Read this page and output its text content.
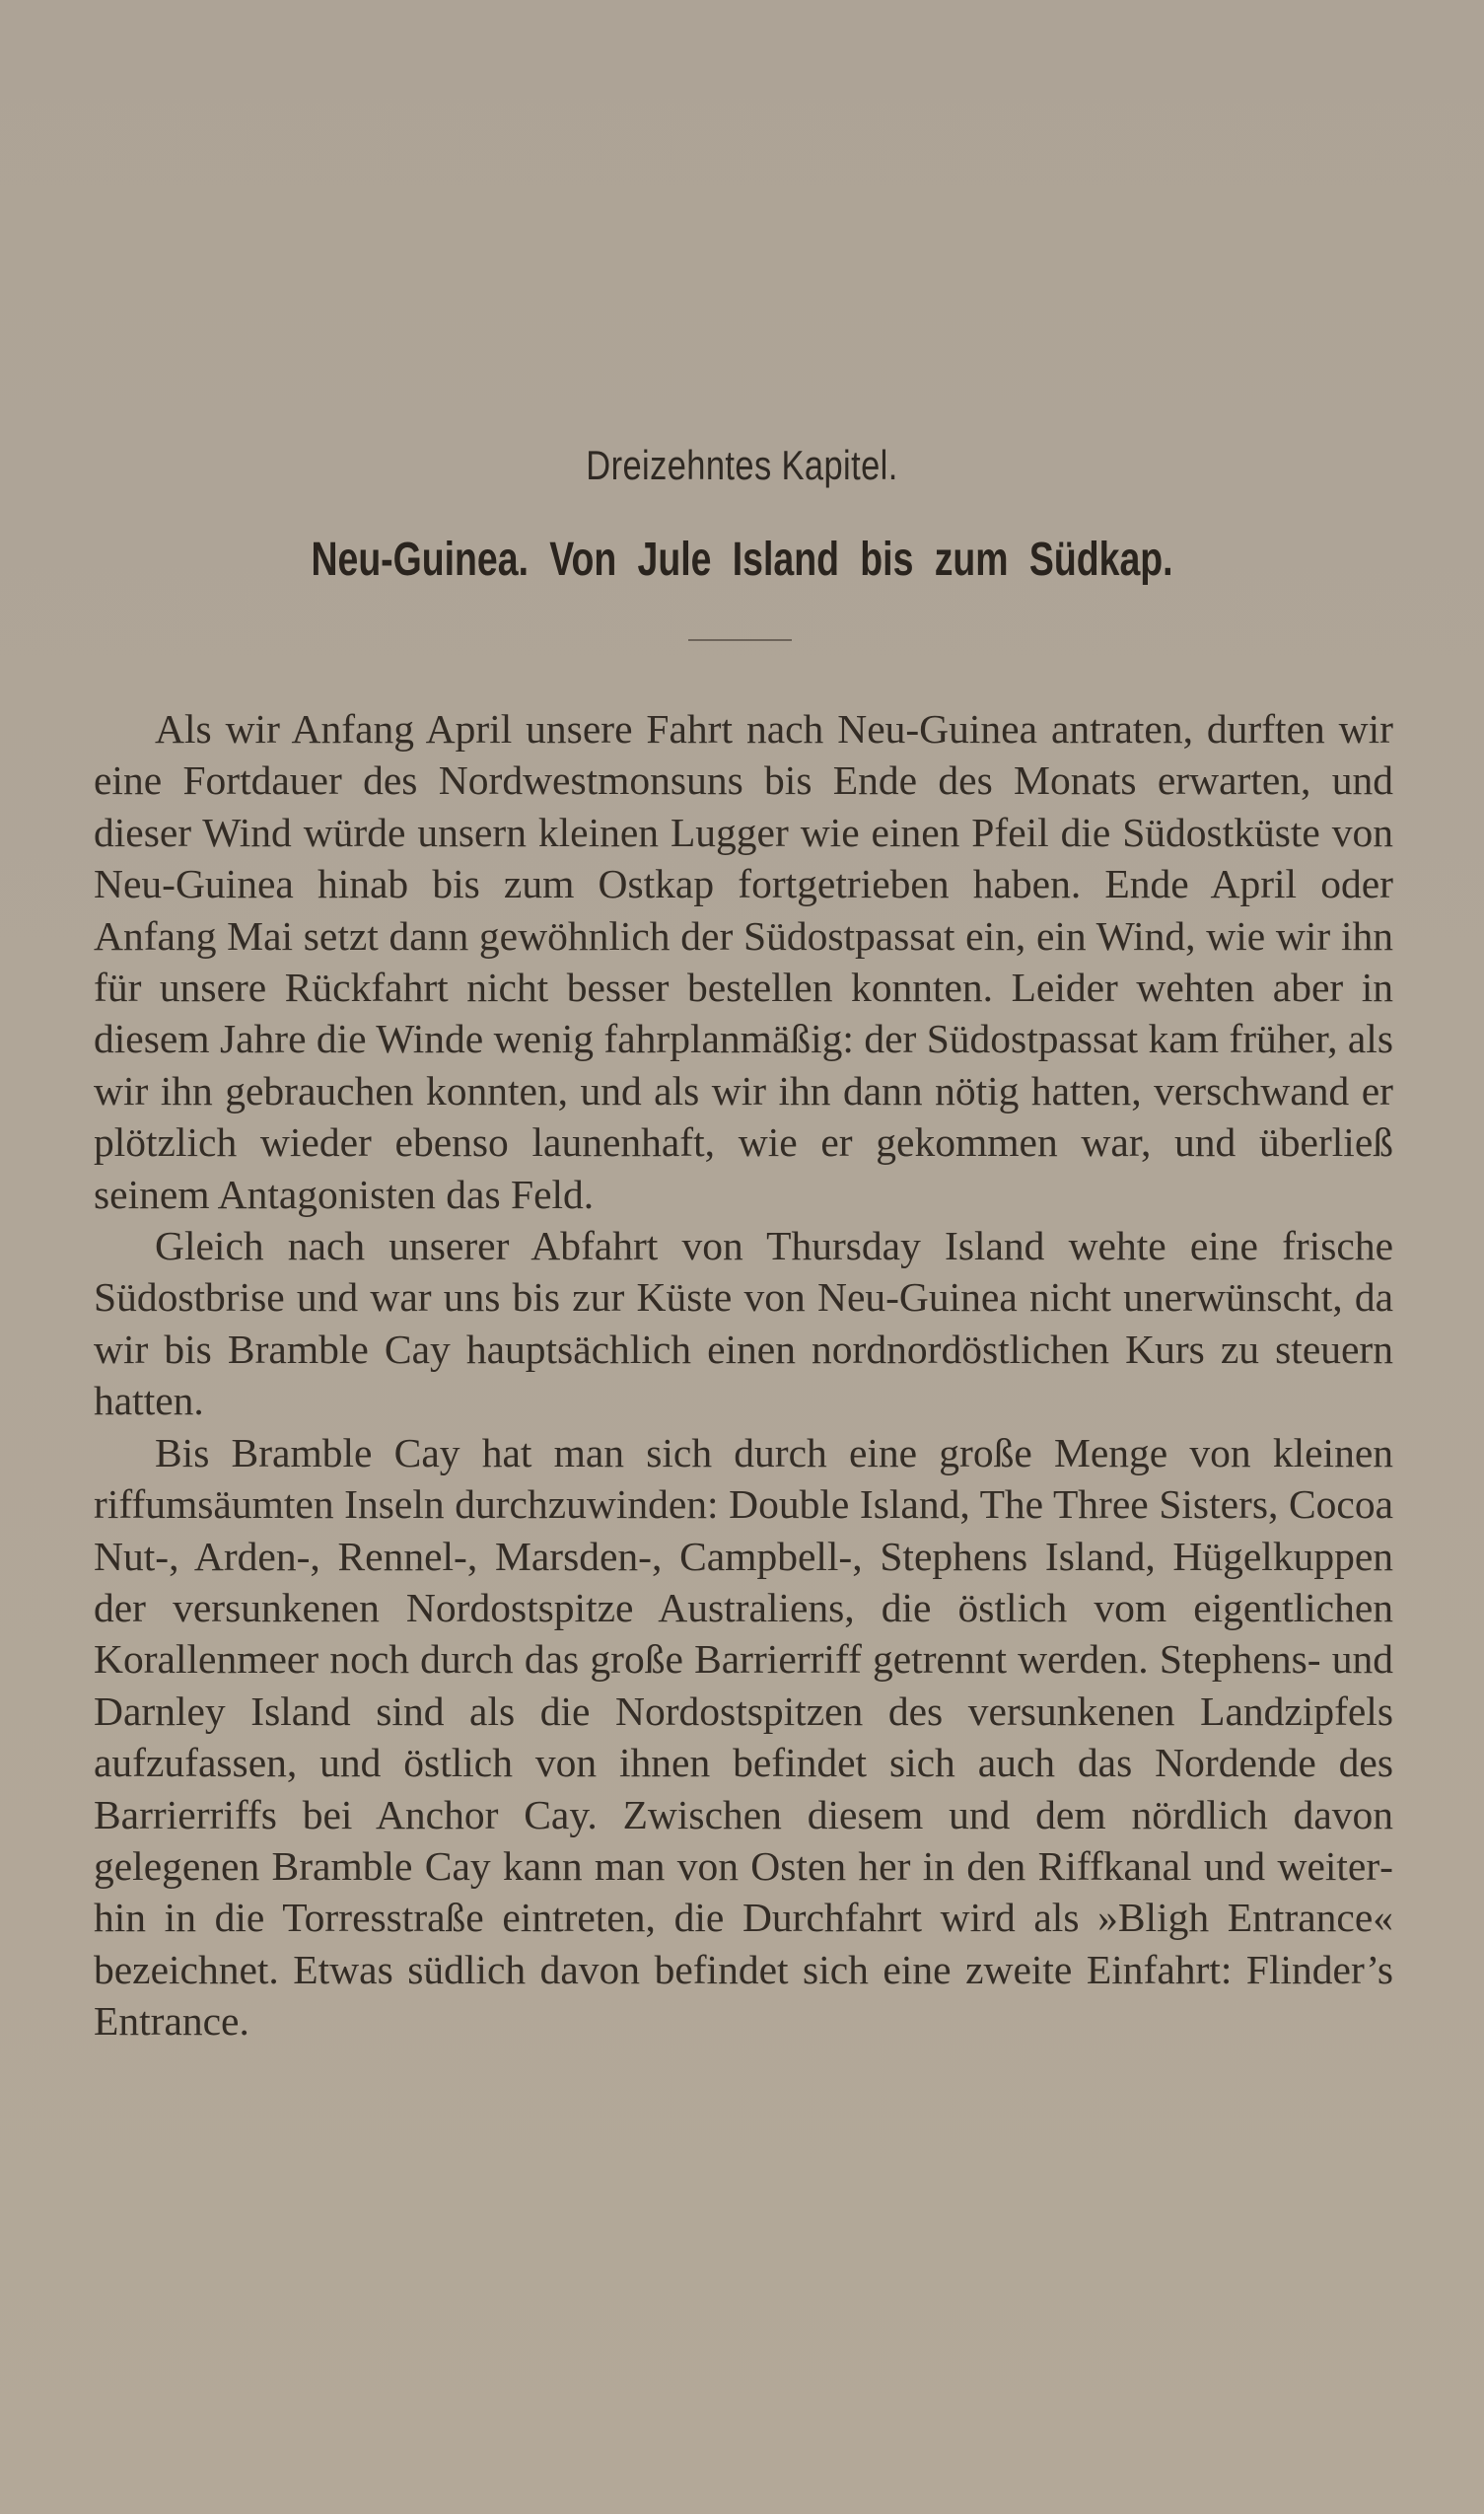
Dreizehntes Kapitel.
Neu-Guinea. Von Jule Island bis zum Südkap.

Als wir Anfang April unsere Fahrt nach Neu-Guinea antraten, durften wir eine Fortdauer des Nordwestmonsuns bis Ende des Monats erwarten, und dieser Wind würde unsern kleinen Lugger wie einen Pfeil die Südostküste von Neu-Guinea hinab bis zum Ostkap fortgetrieben haben. Ende April oder Anfang Mai setzt dann gewöhnlich der Südostpassat ein, ein Wind, wie wir ihn für unsere Rückfahrt nicht besser bestellen konnten. Leider wehten aber in diesem Jahre die Winde wenig fahrplanmäßig: der Südostpassat kam früher, als wir ihn gebrauchen konnten, und als wir ihn dann nötig hatten, verschwand er plötzlich wieder ebenso launenhaft, wie er gekommen war, und überließ seinem Antagonisten das Feld.

Gleich nach unserer Abfahrt von Thursday Island wehte eine frische Südostbrise und war uns bis zur Küste von Neu-Guinea nicht unerwünscht, da wir bis Bramble Cay hauptsächlich einen nordnordöstlichen Kurs zu steuern hatten.

Bis Bramble Cay hat man sich durch eine große Menge von kleinen riffumsäumten Inseln durchzuwinden: Double Island, The Three Sisters, Cocoa Nut-, Arden-, Rennel-, Marsden-, Campbell-, Stephens Island, Hügelkuppen der versunkenen Nordostspitze Australiens, die östlich vom eigentlichen Korallenmeer noch durch das große Barrierriff getrennt werden. Stephens- und Darnley Island sind als die Nordostspitzen des versunkenen Landzipfels aufzufassen, und östlich von ihnen befindet sich auch das Nordende des Barrierriffs bei Anchor Cay. Zwischen diesem und dem nördlich davon gelegenen Bramble Cay kann man von Osten her in den Riffkanal und weiterhin in die Torresstraße eintreten, die Durchfahrt wird als »Bligh Entrance« bezeichnet. Etwas südlich davon befindet sich eine zweite Einfahrt: Flinder’s Entrance.
